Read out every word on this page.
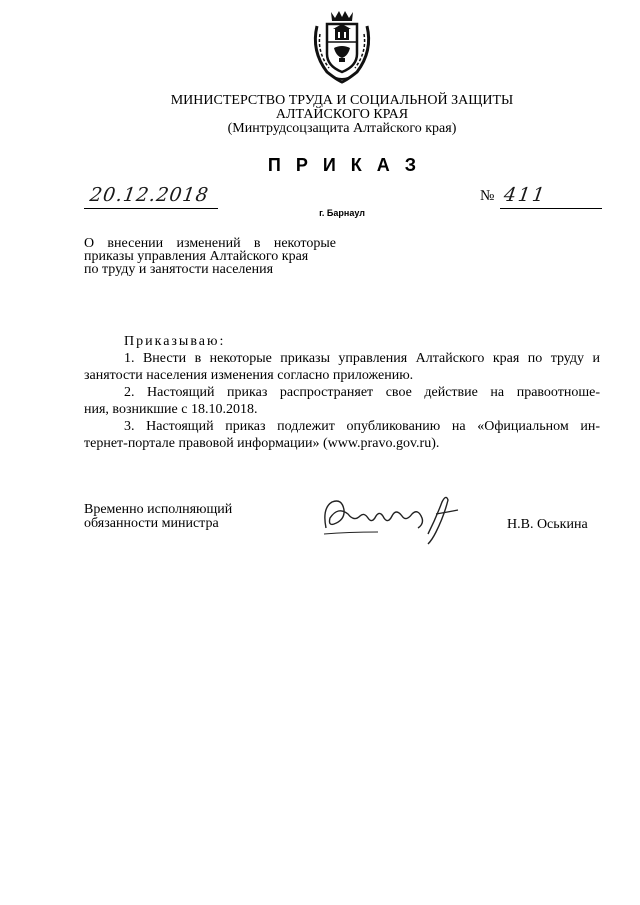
МИНИСТЕРСТВО ТРУДА И СОЦИАЛЬНОЙ ЗАЩИТЫ
АЛТАЙСКОГО КРАЯ
(Минтрудсоцзащита Алтайского края)
ПРИКАЗ
20.12.2018	№ 411
г. Барнаул
О внесении изменений в некоторые
приказы управления Алтайского края
по труду и занятости населения
Приказываю:
1. Внести в некоторые приказы управления Алтайского края по труду и
занятости населения изменения согласно приложению.
2. Настоящий приказ распространяет свое действие на правоотноше-
ния, возникшие с 18.10.2018.
3. Настоящий приказ подлежит опубликованию на «Официальном ин-
тернет-портале правовой информации» (www.pravo.gov.ru).
Временно исполняющий
обязанности министра	Н.В. Оськина
